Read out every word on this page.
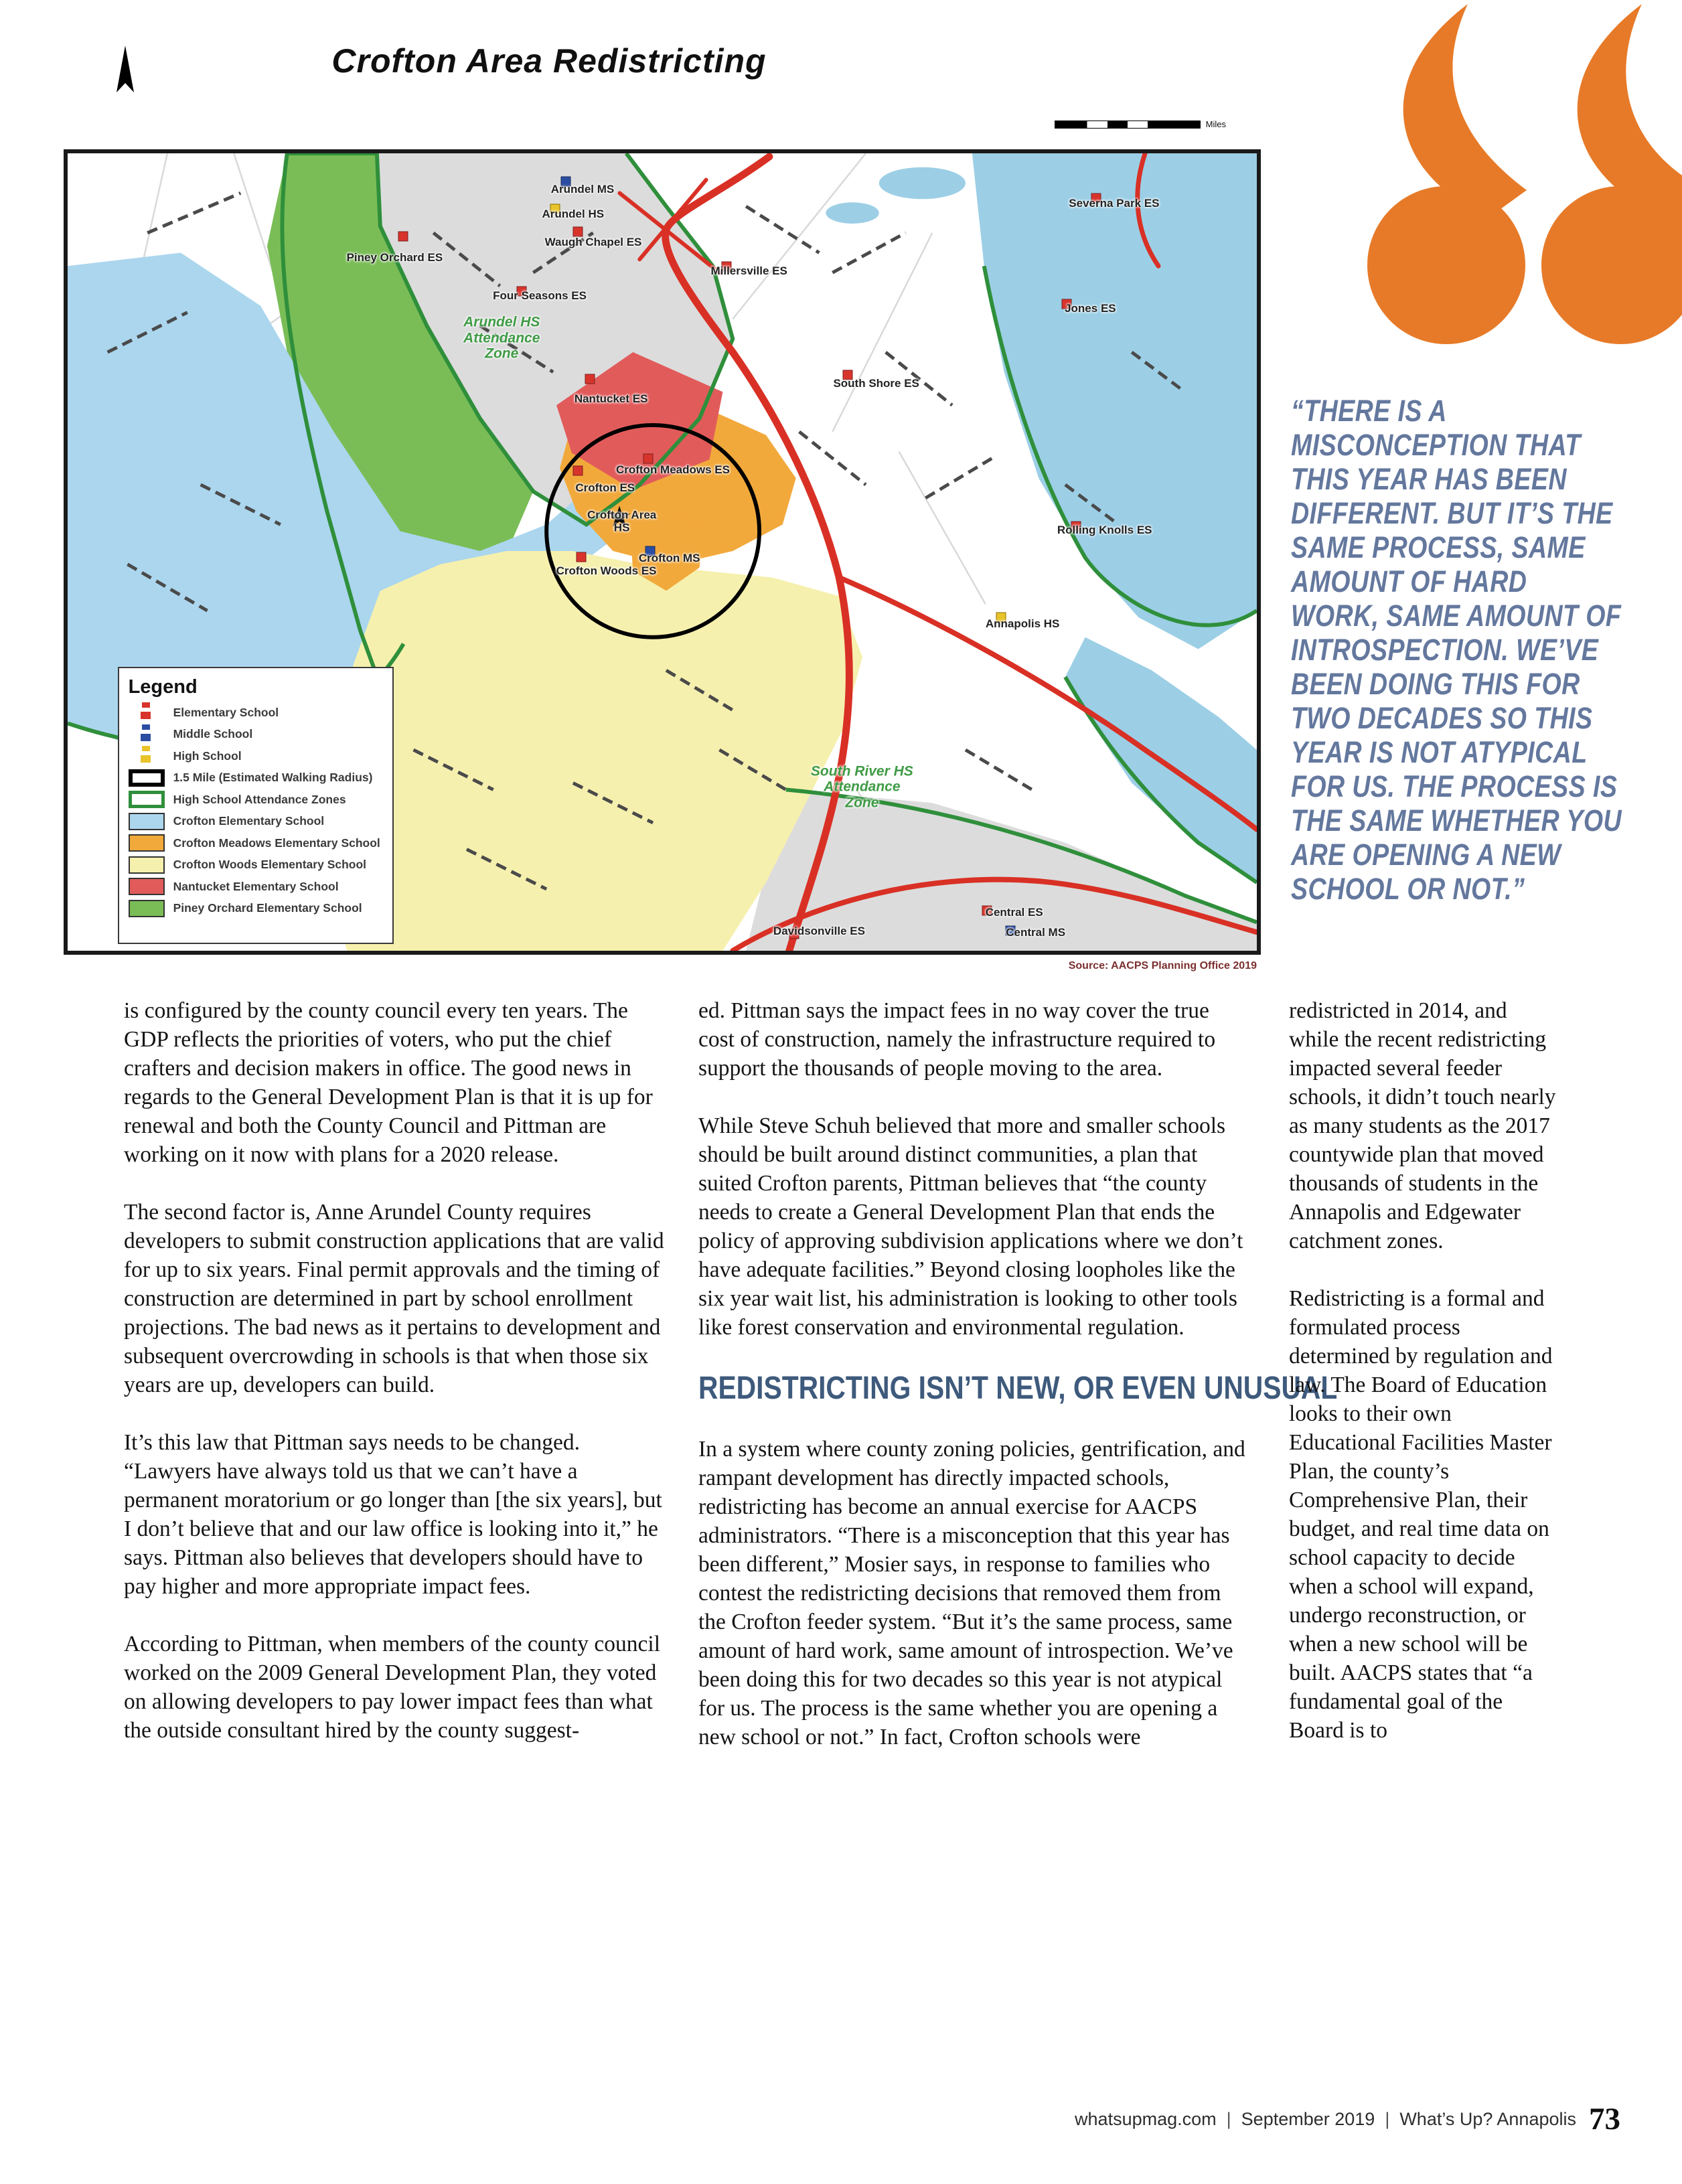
Crofton Area Redistricting
Miles
★
Arundel MS
Arundel HS
Waugh Chapel ES
Millersville ES
Severna Park ES
Jones ES
Four Seasons ES
Piney Orchard ES
Arundel HS Attendance Zone
South Shore ES
Nantucket ES
Crofton Meadows ES
Crofton ES
Crofton Area HS
Crofton MS
Crofton Woods ES
Rolling Knolls ES
Annapolis HS
South River HS Attendance Zone
Davidsonville ES
Central ES
Central MS
Legend
Elementary School
Middle School
High School
1.5 Mile (Estimated Walking Radius)
High School Attendance Zones
Crofton Elementary School
Crofton Meadows Elementary School
Crofton Woods Elementary School
Nantucket Elementary School
Piney Orchard Elementary School
Source: AACPS Planning Office 2019
“THERE IS A MISCONCEPTION THAT THIS YEAR HAS BEEN DIFFERENT. BUT IT’S THE SAME PROCESS, SAME AMOUNT OF HARD WORK, SAME AMOUNT OF INTROSPECTION. WE’VE BEEN DOING THIS FOR TWO DECADES SO THIS YEAR IS NOT ATYPICAL FOR US. THE PROCESS IS THE SAME WHETHER YOU ARE OPENING A NEW SCHOOL OR NOT.”

is configured by the county council every ten years. The GDP reflects the priorities of voters, who put the chief crafters and decision makers in office. The good news in regards to the General Development Plan is that it is up for renewal and both the County Council and Pittman are working on it now with plans for a 2020 release.

The second factor is, Anne Arundel County requires developers to submit construction applications that are valid for up to six years. Final permit approvals and the timing of construction are determined in part by school enrollment projections. The bad news as it pertains to development and subsequent overcrowding in schools is that when those six years are up, developers can build.

It’s this law that Pittman says needs to be changed. “Lawyers have always told us that we can’t have a permanent moratorium or go longer than [the six years], but I don’t believe that and our law office is looking into it,” he says. Pittman also believes that developers should have to pay higher and more appropriate impact fees.

According to Pittman, when members of the county council worked on the 2009 General Development Plan, they voted on allowing developers to pay lower impact fees than what the outside consultant hired by the county suggest-

ed. Pittman says the impact fees in no way cover the true cost of construction, namely the infrastructure required to support the thousands of people moving to the area.

While Steve Schuh believed that more and smaller schools should be built around distinct communities, a plan that suited Crofton parents, Pittman believes that “the county needs to create a General Development Plan that ends the policy of approving subdivision applications where we don’t have adequate facilities.” Beyond closing loopholes like the six year wait list, his administration is looking to other tools like forest conservation and environmental regulation.

REDISTRICTING ISN’T NEW, OR EVEN UNUSUAL

In a system where county zoning policies, gentrification, and rampant development has directly impacted schools, redistricting has become an annual exercise for AACPS administrators. “There is a misconception that this year has been different,” Mosier says, in response to families who contest the redistricting decisions that removed them from the Crofton feeder system. “But it’s the same process, same amount of hard work, same amount of introspection. We’ve been doing this for two decades so this year is not atypical for us. The process is the same whether you are opening a new school or not.” In fact, Crofton schools were

redistricted in 2014, and while the recent redistricting impacted several feeder schools, it didn’t touch nearly as many students as the 2017 countywide plan that moved thousands of students in the Annapolis and Edgewater catchment zones.

Redistricting is a formal and formulated process determined by regulation and law. The Board of Education looks to their own Educational Facilities Master Plan, the county’s Comprehensive Plan, their budget, and real time data on school capacity to decide when a school will expand, undergo reconstruction, or when a new school will be built. AACPS states that “a fundamental goal of the Board is to

whatsupmag.com | September 2019 | What’s Up? Annapolis 73
